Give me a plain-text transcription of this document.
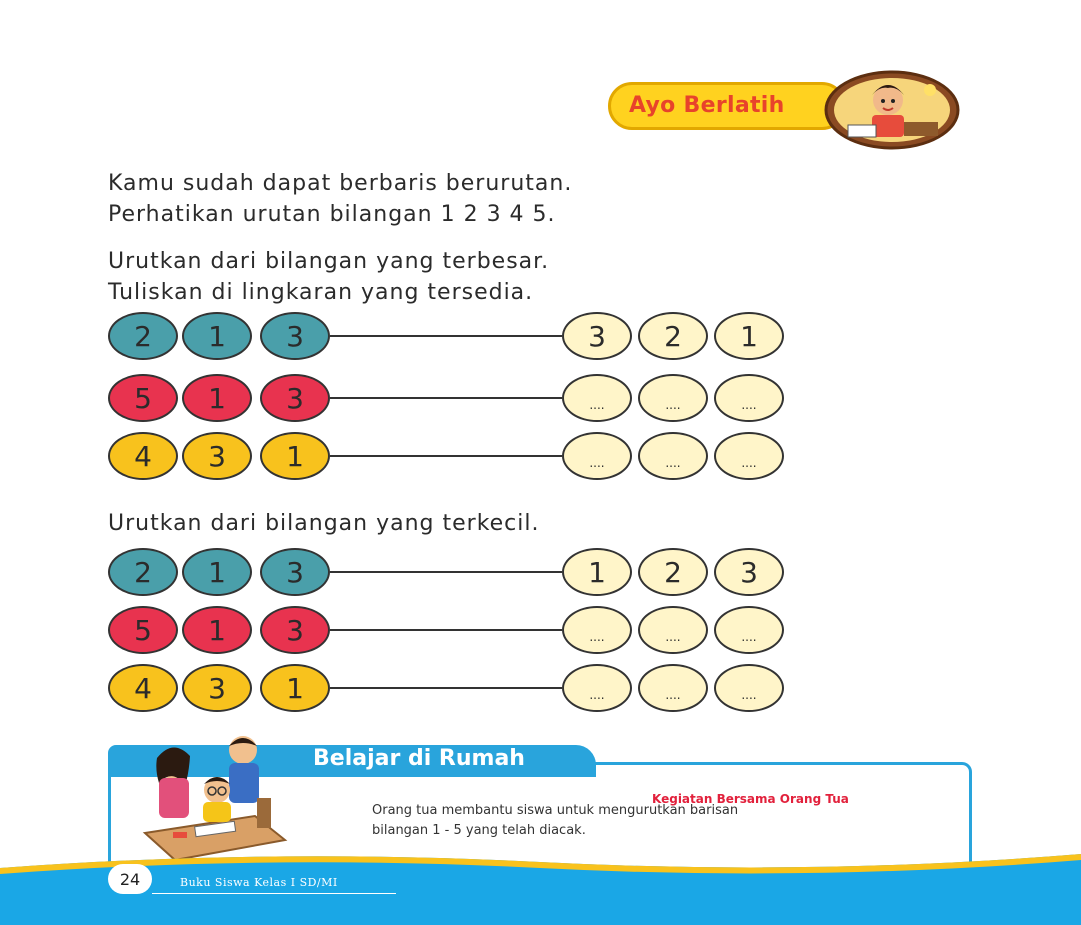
Ayo Berlatih
Kamu sudah dapat berbaris berurutan.
Perhatikan urutan bilangan 1 2 3 4 5.
Urutkan dari bilangan yang terbesar.
Tuliskan di lingkaran yang tersedia.
2	1	3	3	2	1
5	1	3	....	....	....
4	3	1	....	....	....
Urutkan dari bilangan yang terkecil.
2	1	3	1	2	3
5	1	3	....	....	....
4	3	1	....	....	....
Belajar di Rumah
Kegiatan Bersama Orang Tua
Orang tua membantu siswa untuk mengurutkan barisan
bilangan 1 - 5 yang telah diacak.
24	Buku Siswa Kelas I SD/MI
